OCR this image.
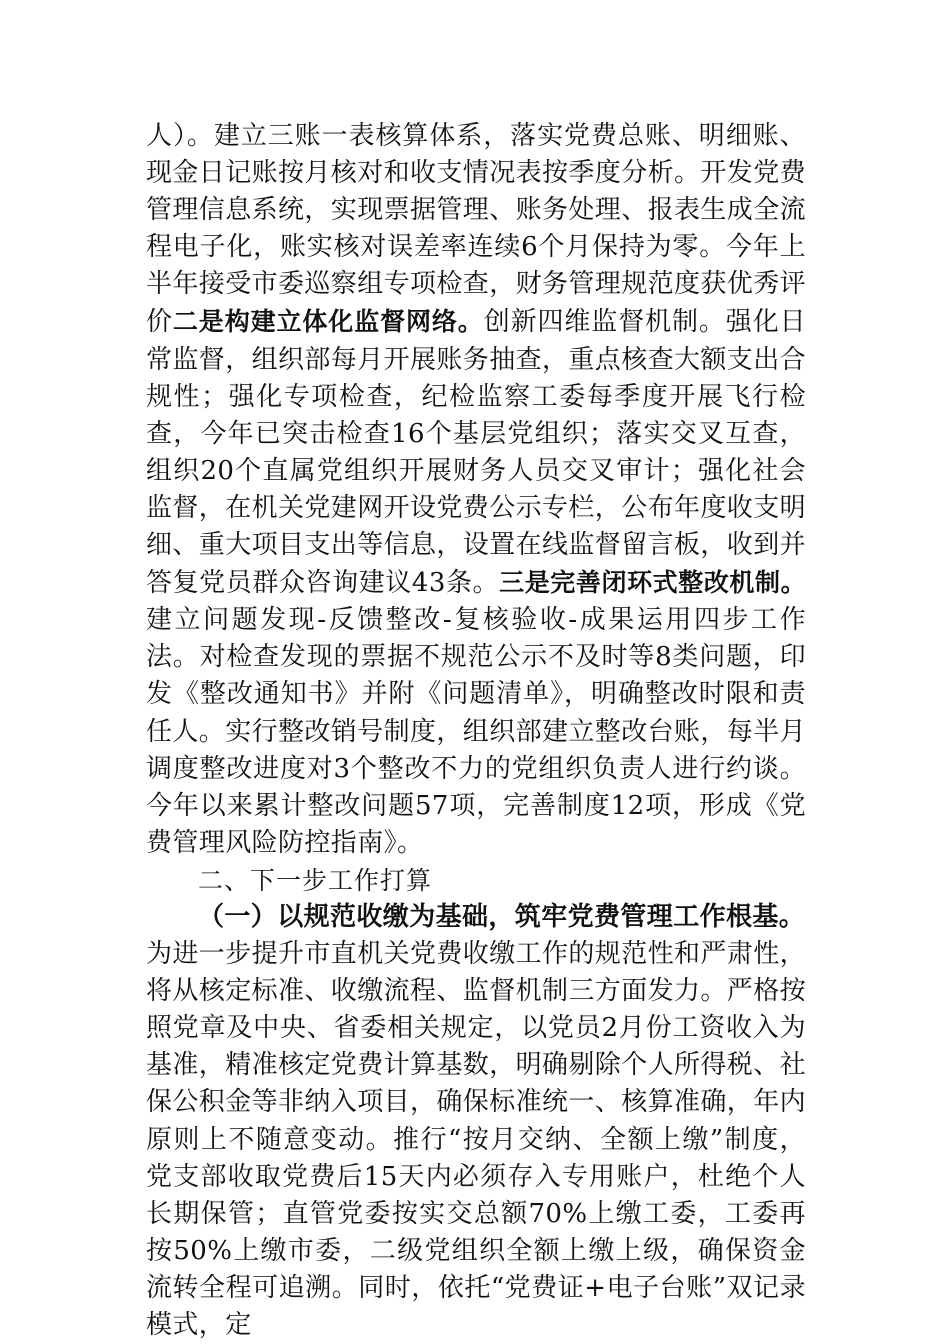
人）。建立三账一表核算体系，落实党费总账、明细账、现金日记账按月核对和收支情况表按季度分析。开发党费管理信息系统，实现票据管理、账务处理、报表生成全流程电子化，账实核对误差率连续6个月保持为零。今年上半年接受市委巡察组专项检查，财务管理规范度获优秀评价二是构建立体化监督网络。创新四维监督机制。强化日常监督，组织部每月开展账务抽查，重点核查大额支出合规性；强化专项检查，纪检监察工委每季度开展飞行检查，今年已突击检查16个基层党组织；落实交叉互查，组织20个直属党组织开展财务人员交叉审计；强化社会监督，在机关党建网开设党费公示专栏，公布年度收支明细、重大项目支出等信息，设置在线监督留言板，收到并答复党员群众咨询建议43条。三是完善闭环式整改机制。建立问题发现-反馈整改-复核验收-成果运用四步工作法。对检查发现的票据不规范公示不及时等8类问题，印发《整改通知书》并附《问题清单》，明确整改时限和责任人。实行整改销号制度，组织部建立整改台账，每半月调度整改进度对3个整改不力的党组织负责人进行约谈。今年以来累计整改问题57项，完善制度12项，形成《党费管理风险防控指南》。

二、下一步工作打算

（一）以规范收缴为基础，筑牢党费管理工作根基。

为进一步提升市直机关党费收缴工作的规范性和严肃性，将从核定标准、收缴流程、监督机制三方面发力。严格按照党章及中央、省委相关规定，以党员2月份工资收入为基准，精准核定党费计算基数，明确剔除个人所得税、社保公积金等非纳入项目，确保标准统一、核算准确，年内原则上不随意变动。推行“按月交纳、全额上缴”制度，党支部收取党费后15天内必须存入专用账户，杜绝个人长期保管；直管党委按实交总额70%上缴工委，工委再按50%上缴市委，二级党组织全额上缴上级，确保资金流转全程可追溯。同时，依托“党费证+电子台账”双记录模式，定
